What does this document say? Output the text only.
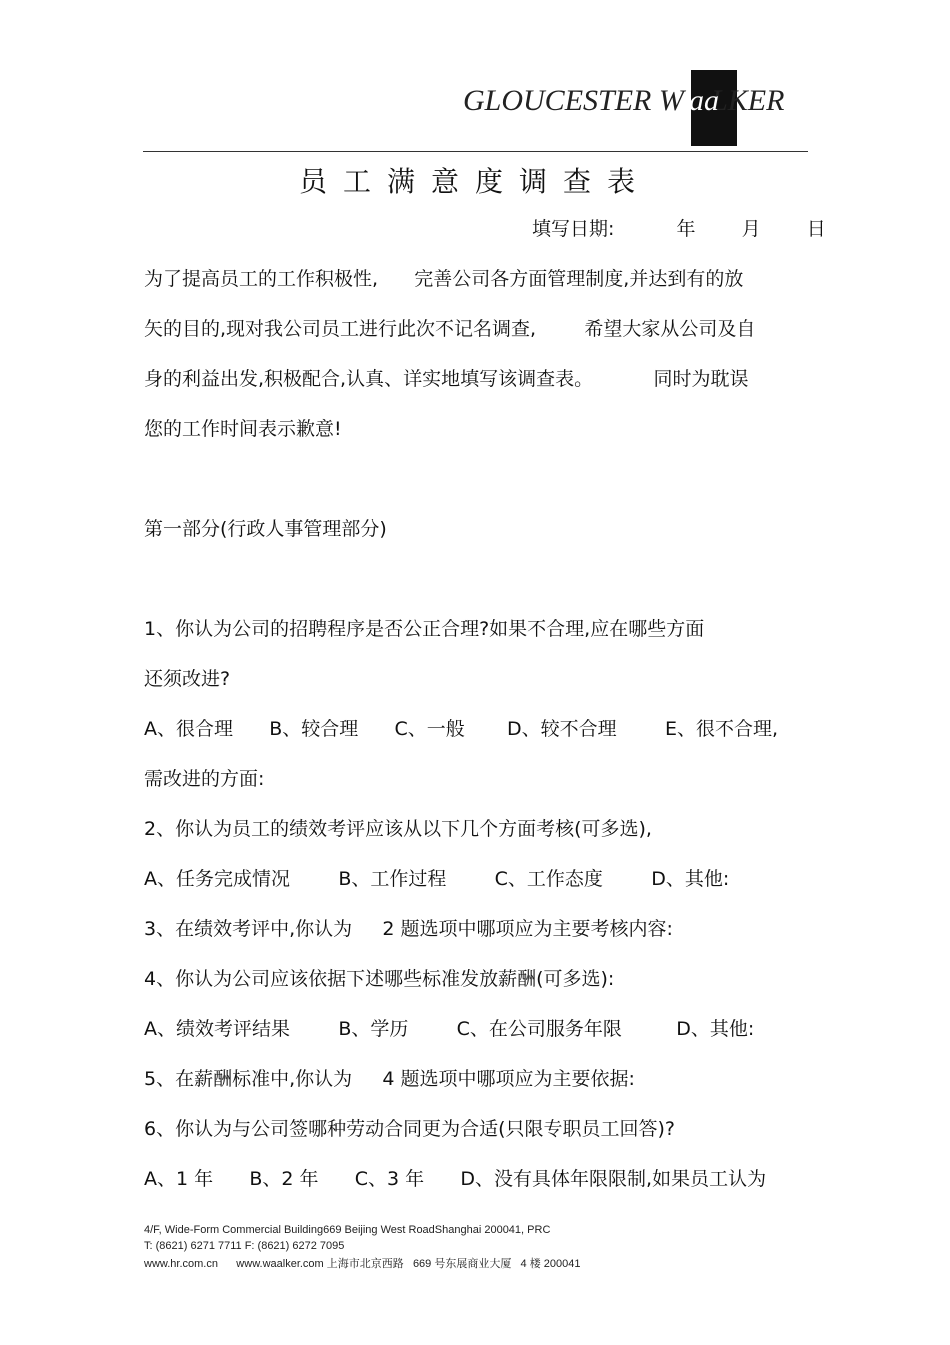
GLOUCESTER W LKER
aa
员工满意度调查表
填写日期:	年 月 日
为了提高员工的工作积极性,      完善公司各方面管理制度,并达到有的放
矢的目的,现对我公司员工进行此次不记名调查,        希望大家从公司及自
身的利益出发,积极配合,认真、详实地填写该调查表。          同时为耽误
您的工作时间表示歉意!
第一部分(行政人事管理部分)
1、你认为公司的招聘程序是否公正合理?如果不合理,应在哪些方面
还须改进?
A、很合理      B、较合理      C、一般       D、较不合理        E、很不合理,
需改进的方面:
2、你认为员工的绩效考评应该从以下几个方面考核(可多选),
A、任务完成情况        B、工作过程        C、工作态度        D、其他:
3、在绩效考评中,你认为     2 题选项中哪项应为主要考核内容:
4、你认为公司应该依据下述哪些标准发放薪酬(可多选):
A、绩效考评结果        B、学历        C、在公司服务年限         D、其他:
5、在薪酬标准中,你认为     4 题选项中哪项应为主要依据:
6、你认为与公司签哪种劳动合同更为合适(只限专职员工回答)?
A、1 年      B、2 年      C、3 年      D、没有具体年限限制,如果员工认为
4/F, Wide-Form Commercial Building669 Beijing West RoadShanghai 200041, PRC
T: (8621) 6271 7711 F: (8621) 6272 7095
www.hr.com.cn      www.waalker.com 上海市北京西路   669 号东展商业大厦   4 楼 200041
